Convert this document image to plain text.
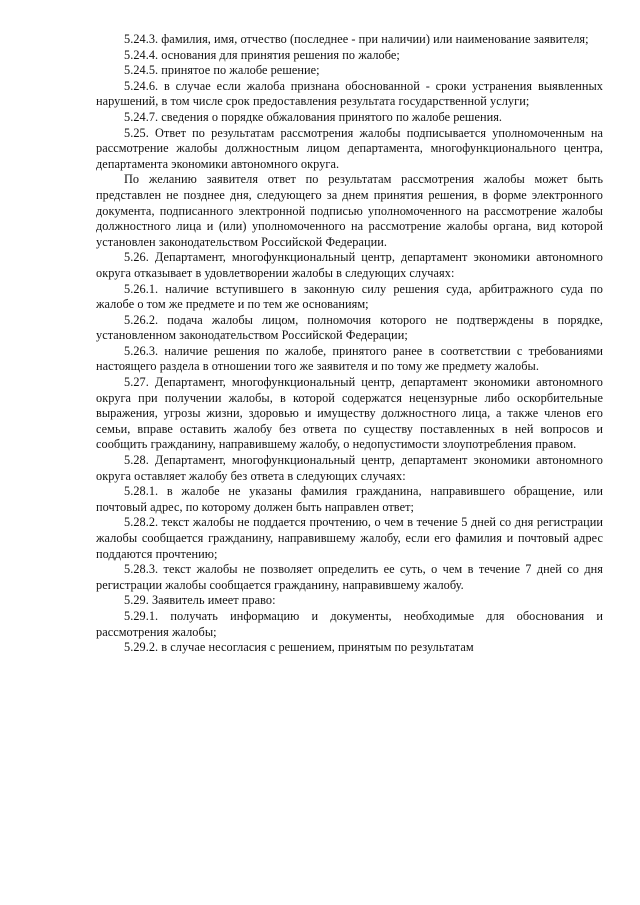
5.24.3. фамилия, имя, отчество (последнее - при наличии) или наименование заявителя;

5.24.4. основания для принятия решения по жалобе;

5.24.5. принятое по жалобе решение;

5.24.6. в случае если жалоба признана обоснованной - сроки устранения выявленных нарушений, в том числе срок предоставления результата государственной услуги;

5.24.7. сведения о порядке обжалования принятого по жалобе решения.

5.25. Ответ по результатам рассмотрения жалобы подписывается уполномоченным на рассмотрение жалобы должностным лицом департамента, многофункционального центра, департамента экономики автономного округа.

По желанию заявителя ответ по результатам рассмотрения жалобы может быть представлен не позднее дня, следующего за днем принятия решения, в форме электронного документа, подписанного электронной подписью уполномоченного на рассмотрение жалобы должностного лица и (или) уполномоченного на рассмотрение жалобы органа, вид которой установлен законодательством Российской Федерации.

5.26. Департамент, многофункциональный центр, департамент экономики автономного округа отказывает в удовлетворении жалобы в следующих случаях:

5.26.1. наличие вступившего в законную силу решения суда, арбитражного суда по жалобе о том же предмете и по тем же основаниям;

5.26.2. подача жалобы лицом, полномочия которого не подтверждены в порядке, установленном законодательством Российской Федерации;

5.26.3. наличие решения по жалобе, принятого ранее в соответствии с требованиями настоящего раздела в отношении того же заявителя и по тому же предмету жалобы.

5.27. Департамент, многофункциональный центр, департамент экономики автономного округа при получении жалобы, в которой содержатся нецензурные либо оскорбительные выражения, угрозы жизни, здоровью и имуществу должностного лица, а также членов его семьи, вправе оставить жалобу без ответа по существу поставленных в ней вопросов и сообщить гражданину, направившему жалобу, о недопустимости злоупотребления правом.

5.28. Департамент, многофункциональный центр, департамент экономики автономного округа оставляет жалобу без ответа в следующих случаях:

5.28.1. в жалобе не указаны фамилия гражданина, направившего обращение, или почтовый адрес, по которому должен быть направлен ответ;

5.28.2. текст жалобы не поддается прочтению, о чем в течение 5 дней со дня регистрации жалобы сообщается гражданину, направившему жалобу, если его фамилия и почтовый адрес поддаются прочтению;

5.28.3. текст жалобы не позволяет определить ее суть, о чем в течение 7 дней со дня регистрации жалобы сообщается гражданину, направившему жалобу.

5.29. Заявитель имеет право:

5.29.1. получать информацию и документы, необходимые для обоснования и рассмотрения жалобы;

5.29.2. в случае несогласия с решением, принятым по результатам
